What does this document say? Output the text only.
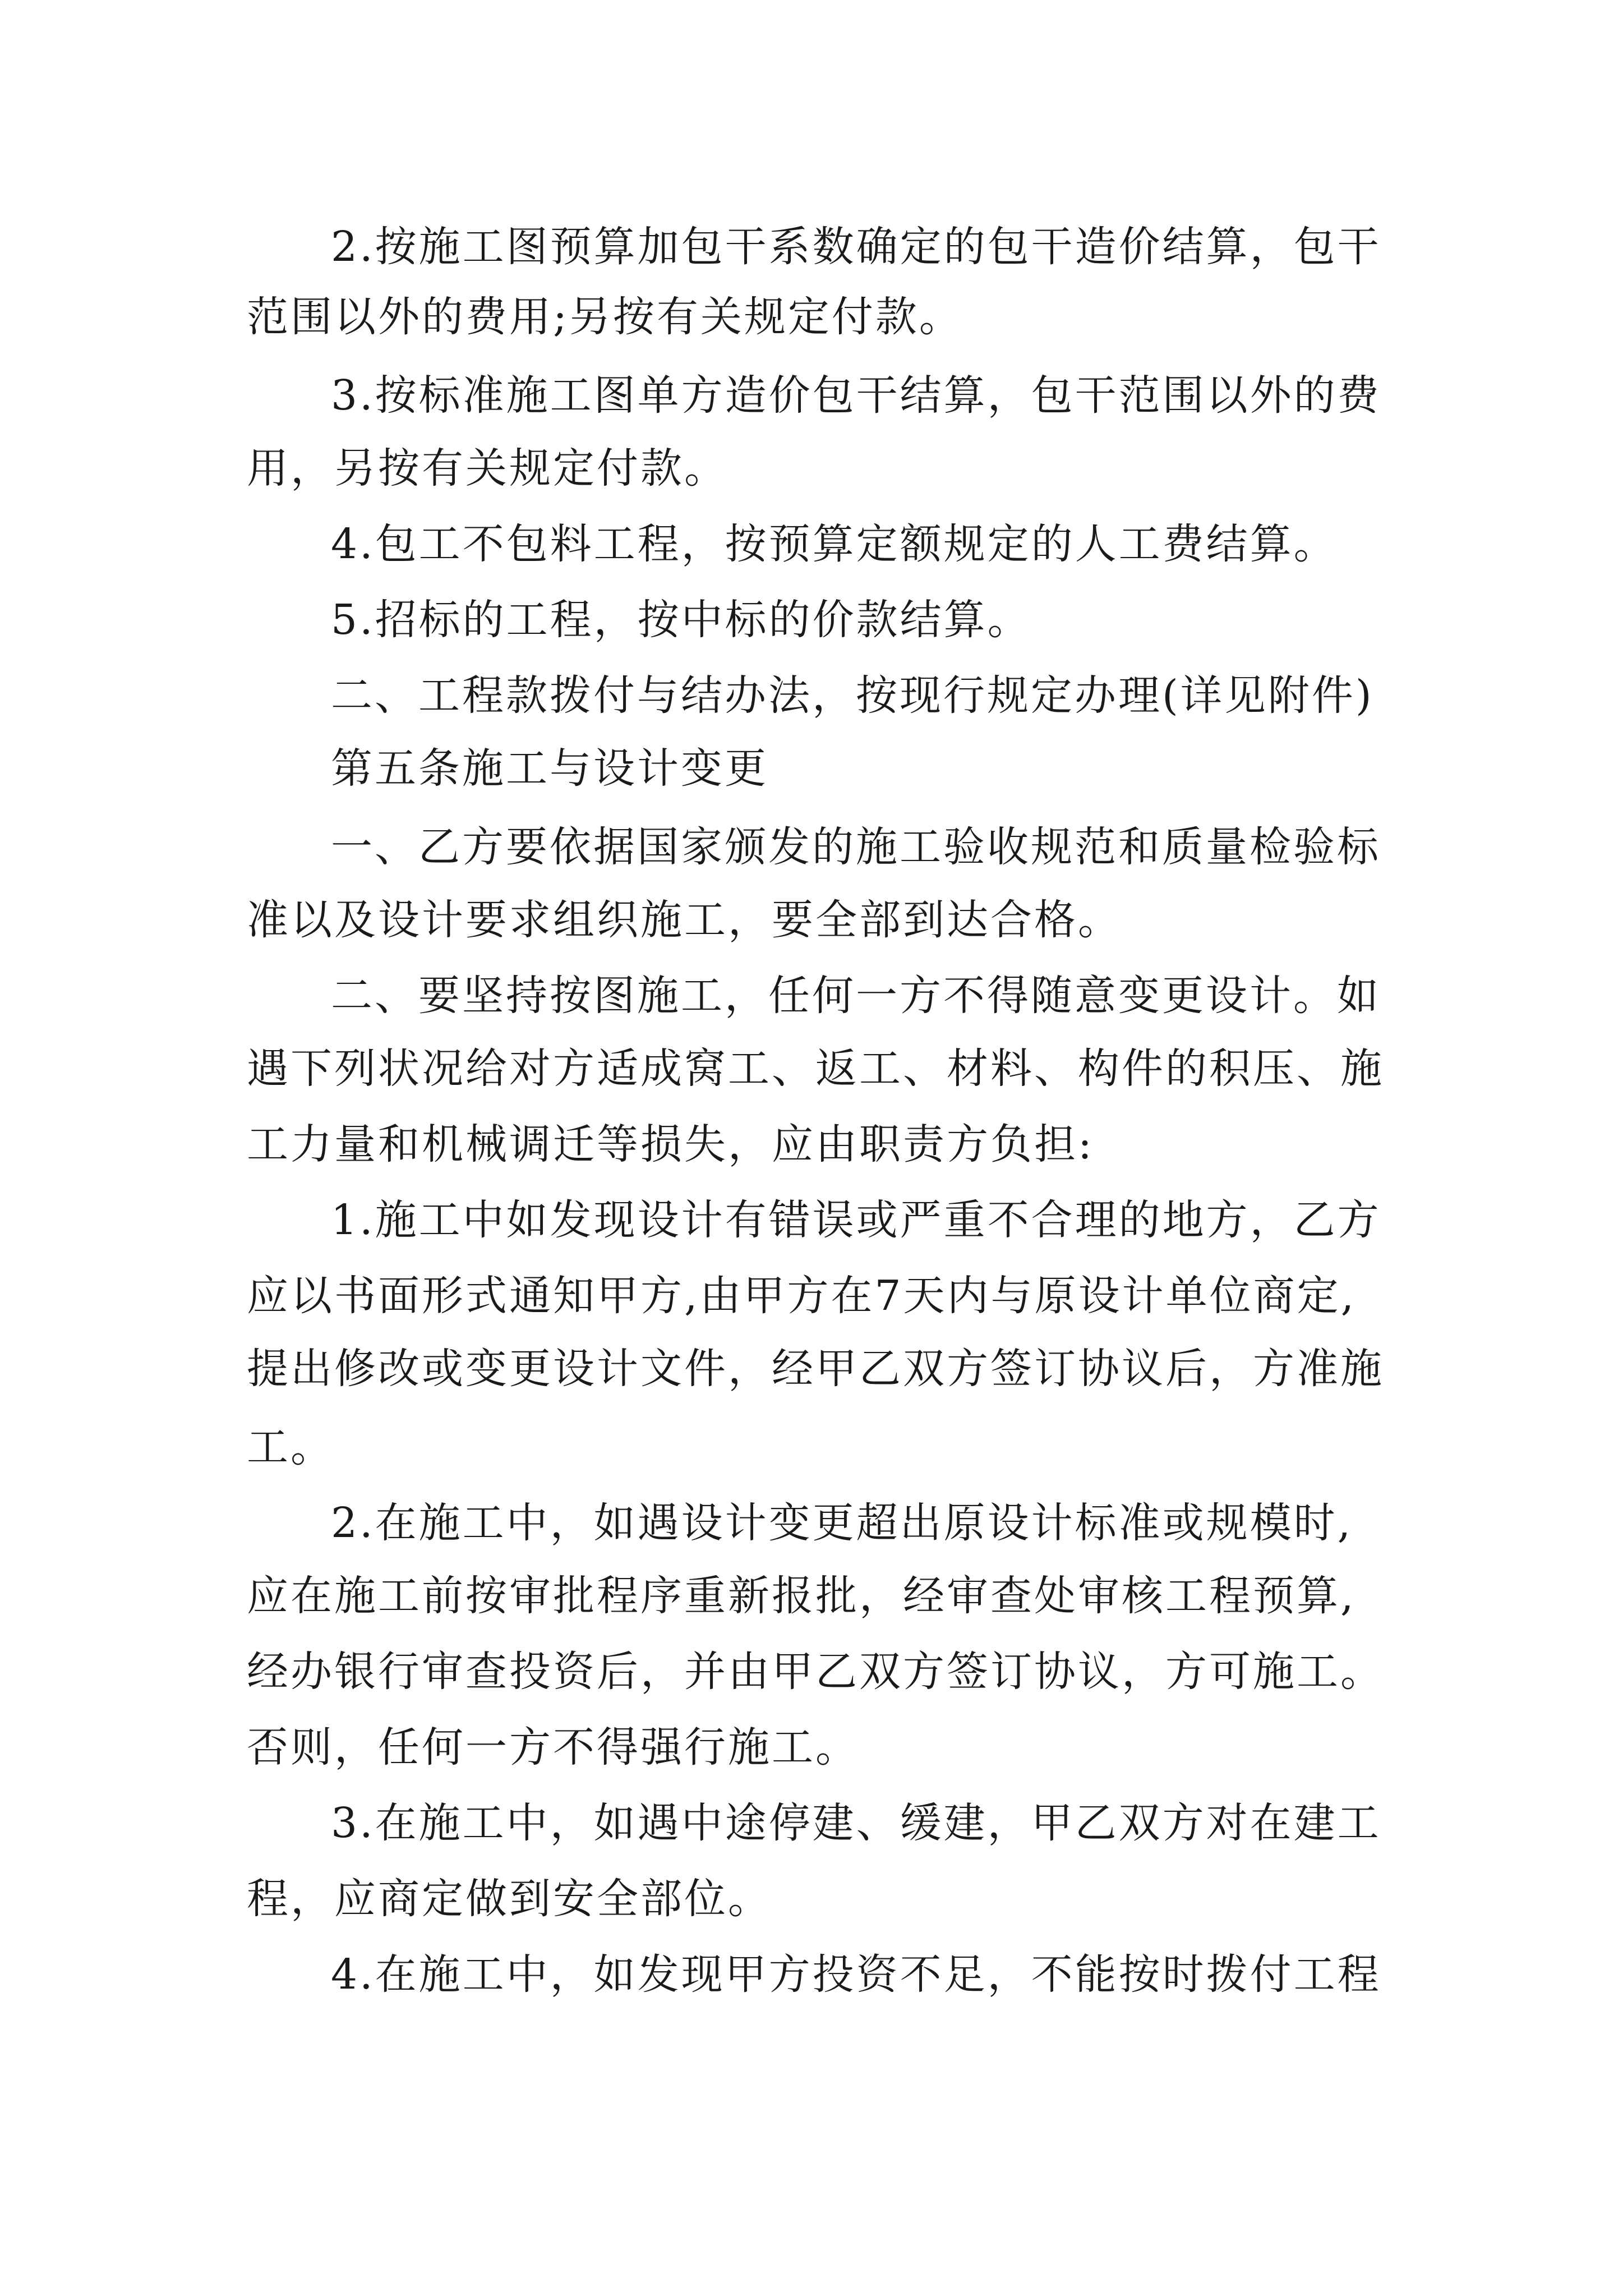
2.按施工图预算加包干系数确定的包干造价结算，包干
范围以外的费用;另按有关规定付款。
3.按标准施工图单方造价包干结算，包干范围以外的费
用，另按有关规定付款。
4.包工不包料工程，按预算定额规定的人工费结算。
5.招标的工程，按中标的价款结算。
二、工程款拨付与结办法，按现行规定办理(详见附件)
第五条施工与设计变更
一、乙方要依据国家颁发的施工验收规范和质量检验标
准以及设计要求组织施工，要全部到达合格。
二、要坚持按图施工，任何一方不得随意变更设计。如
遇下列状况给对方适成窝工、返工、材料、构件的积压、施
工力量和机械调迁等损失，应由职责方负担:
1.施工中如发现设计有错误或严重不合理的地方，乙方
应以书面形式通知甲方,由甲方在7天内与原设计单位商定,
提出修改或变更设计文件，经甲乙双方签订协议后，方准施
工。
2.在施工中，如遇设计变更超出原设计标准或规模时,
应在施工前按审批程序重新报批，经审查处审核工程预算,
经办银行审查投资后，并由甲乙双方签订协议，方可施工。
否则，任何一方不得强行施工。
3.在施工中，如遇中途停建、缓建，甲乙双方对在建工
程，应商定做到安全部位。
4.在施工中，如发现甲方投资不足，不能按时拨付工程
